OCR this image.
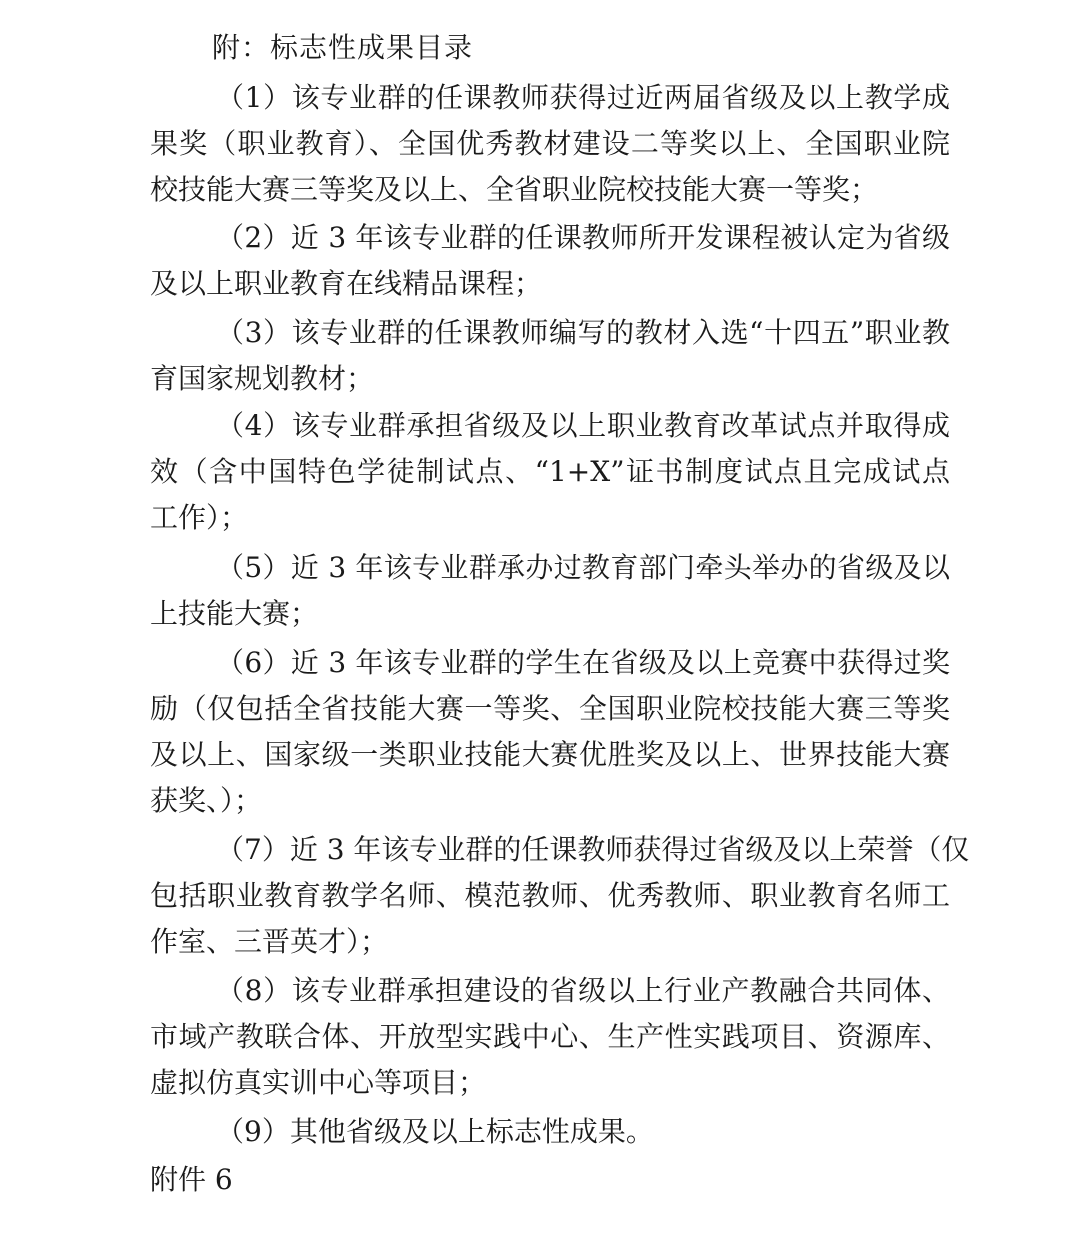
附：标志性成果目录
（1）该专业群的任课教师获得过近两届省级及以上教学成
果奖（职业教育）、全国优秀教材建设二等奖以上、全国职业院
校技能大赛三等奖及以上、全省职业院校技能大赛一等奖；
（2）近 3 年该专业群的任课教师所开发课程被认定为省级
及以上职业教育在线精品课程；
（3）该专业群的任课教师编写的教材入选“十四五”职业教
育国家规划教材；
（4）该专业群承担省级及以上职业教育改革试点并取得成
效（含中国特色学徒制试点、“1+X”证书制度试点且完成试点
工作）；
（5）近 3 年该专业群承办过教育部门牵头举办的省级及以
上技能大赛；
（6）近 3 年该专业群的学生在省级及以上竞赛中获得过奖
励（仅包括全省技能大赛一等奖、全国职业院校技能大赛三等奖
及以上、国家级一类职业技能大赛优胜奖及以上、世界技能大赛
获奖、）；
（7）近 3 年该专业群的任课教师获得过省级及以上荣誉（仅
包括职业教育教学名师、模范教师、优秀教师、职业教育名师工
作室、三晋英才）；
（8）该专业群承担建设的省级以上行业产教融合共同体、
市域产教联合体、开放型实践中心、生产性实践项目、资源库、
虚拟仿真实训中心等项目；
（9）其他省级及以上标志性成果。
附件 6
